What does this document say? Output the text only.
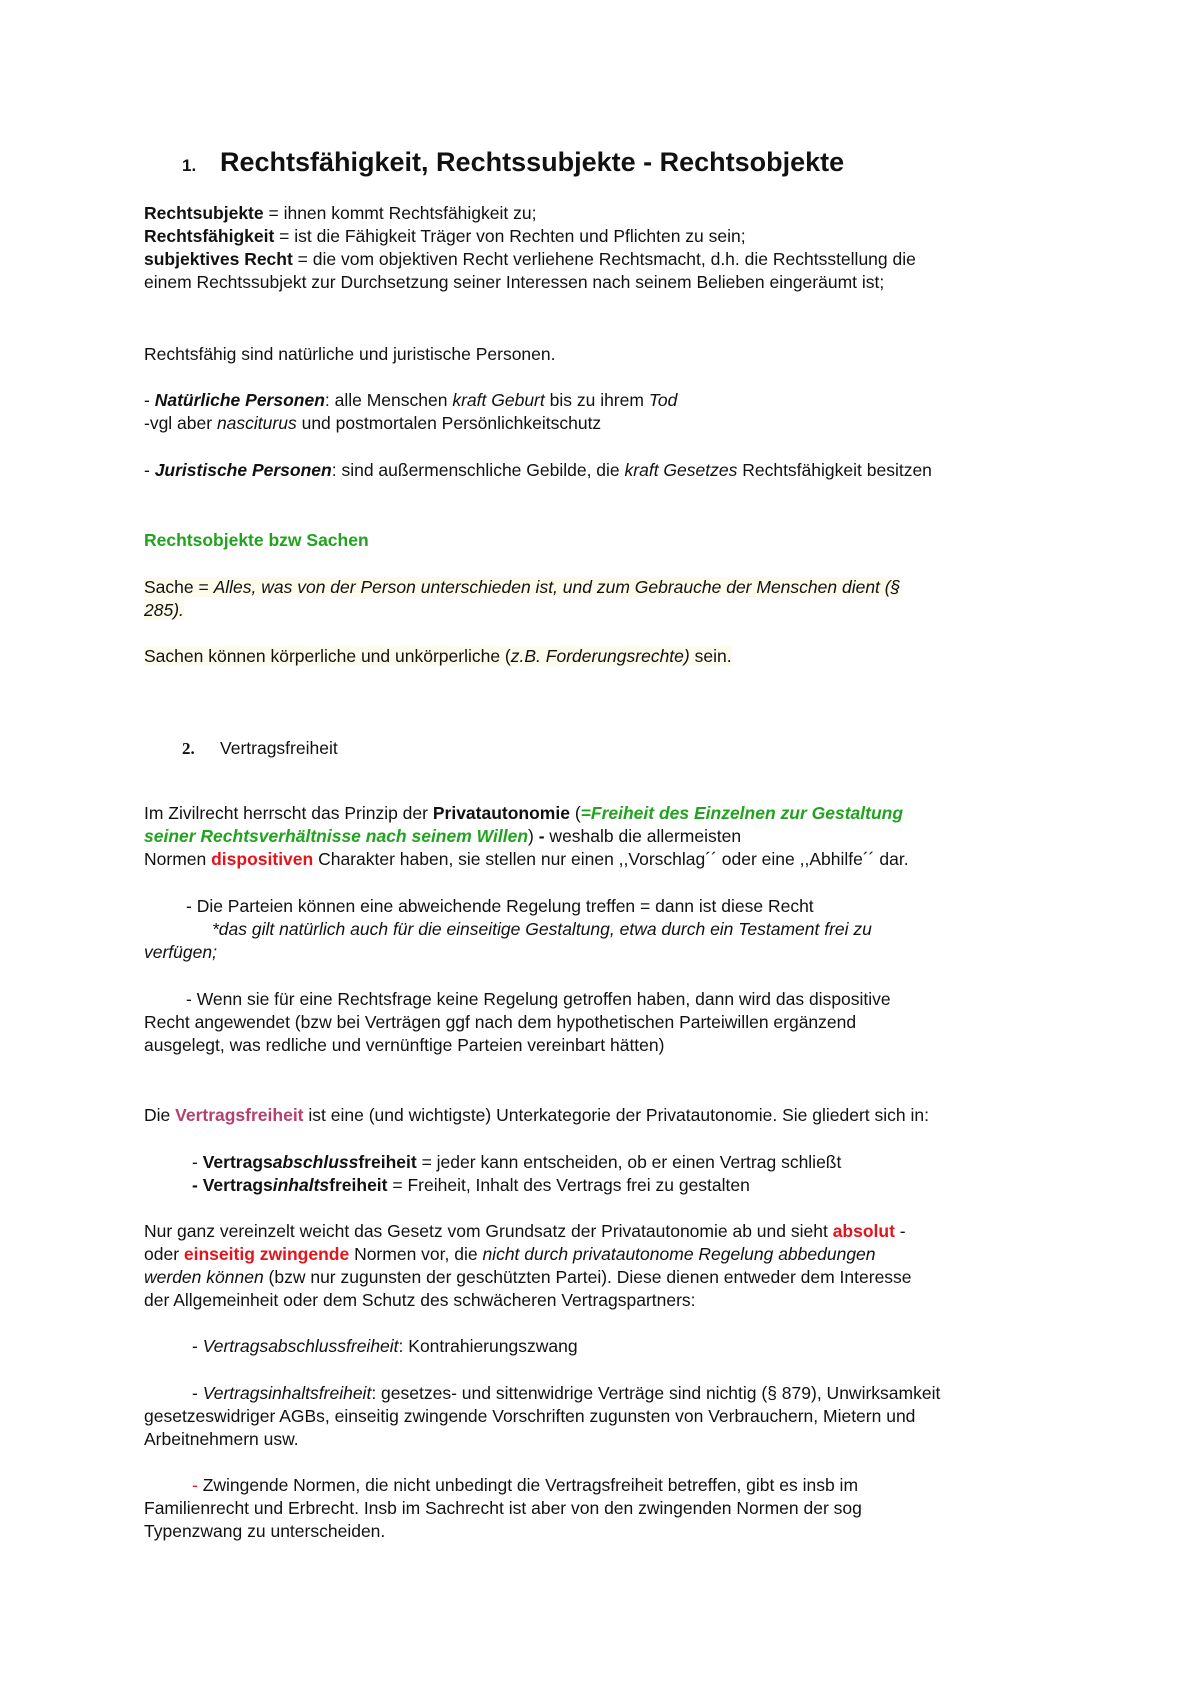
1. Rechtsfähigkeit, Rechtssubjekte - Rechtsobjekte
Rechtsubjekte = ihnen kommt Rechtsfähigkeit zu;
Rechtsfähigkeit = ist die Fähigkeit Träger von Rechten und Pflichten zu sein;
subjektives Recht = die vom objektiven Recht verliehene Rechtsmacht, d.h. die Rechtsstellung die
einem Rechtssubjekt zur Durchsetzung seiner Interessen nach seinem Belieben eingeräumt ist;
Rechtsfähig sind natürliche und juristische Personen.
- Natürliche Personen: alle Menschen kraft Geburt bis zu ihrem Tod
-vgl aber nasciturus und postmortalen Persönlichkeitschutz
- Juristische Personen: sind außermenschliche Gebilde, die kraft Gesetzes Rechtsfähigkeit besitzen
Rechtsobjekte bzw Sachen
Sache = Alles, was von der Person unterschieden ist, und zum Gebrauche der Menschen dient (§
285).
Sachen können körperliche und unkörperliche (z.B. Forderungsrechte) sein.
2. Vertragsfreiheit
Im Zivilrecht herrscht das Prinzip der Privatautonomie (=Freiheit des Einzelnen zur Gestaltung
seiner Rechtsverhältnisse nach seinem Willen) - weshalb die allermeisten
Normen dispositiven Charakter haben, sie stellen nur einen ,,Vorschlag´´ oder eine ,,Abhilfe´´ dar.
- Die Parteien können eine abweichende Regelung treffen = dann ist diese Recht
*das gilt natürlich auch für die einseitige Gestaltung, etwa durch ein Testament frei zu
verfügen;
- Wenn sie für eine Rechtsfrage keine Regelung getroffen haben, dann wird das dispositive
Recht angewendet (bzw bei Verträgen ggf nach dem hypothetischen Parteiwillen ergänzend
ausgelegt, was redliche und vernünftige Parteien vereinbart hätten)
Die Vertragsfreiheit ist eine (und wichtigste) Unterkategorie der Privatautonomie. Sie gliedert sich in:
- Vertragsabschlussfreiheit = jeder kann entscheiden, ob er einen Vertrag schließt
- Vertragsinhaltsfreiheit = Freiheit, Inhalt des Vertrags frei zu gestalten
Nur ganz vereinzelt weicht das Gesetz vom Grundsatz der Privatautonomie ab und sieht absolut -
oder einseitig zwingende Normen vor, die nicht durch privatautonome Regelung abbedungen
werden können (bzw nur zugunsten der geschützten Partei). Diese dienen entweder dem Interesse
der Allgemeinheit oder dem Schutz des schwächeren Vertragspartners:
- Vertragsabschlussfreiheit: Kontrahierungszwang
- Vertragsinhaltsfreiheit: gesetzes- und sittenwidrige Verträge sind nichtig (§ 879), Unwirksamkeit
gesetzeswidriger AGBs, einseitig zwingende Vorschriften zugunsten von Verbrauchern, Mietern und
Arbeitnehmern usw.
- Zwingende Normen, die nicht unbedingt die Vertragsfreiheit betreffen, gibt es insb im
Familienrecht und Erbrecht. Insb im Sachrecht ist aber von den zwingenden Normen der sog
Typenzwang zu unterscheiden.
